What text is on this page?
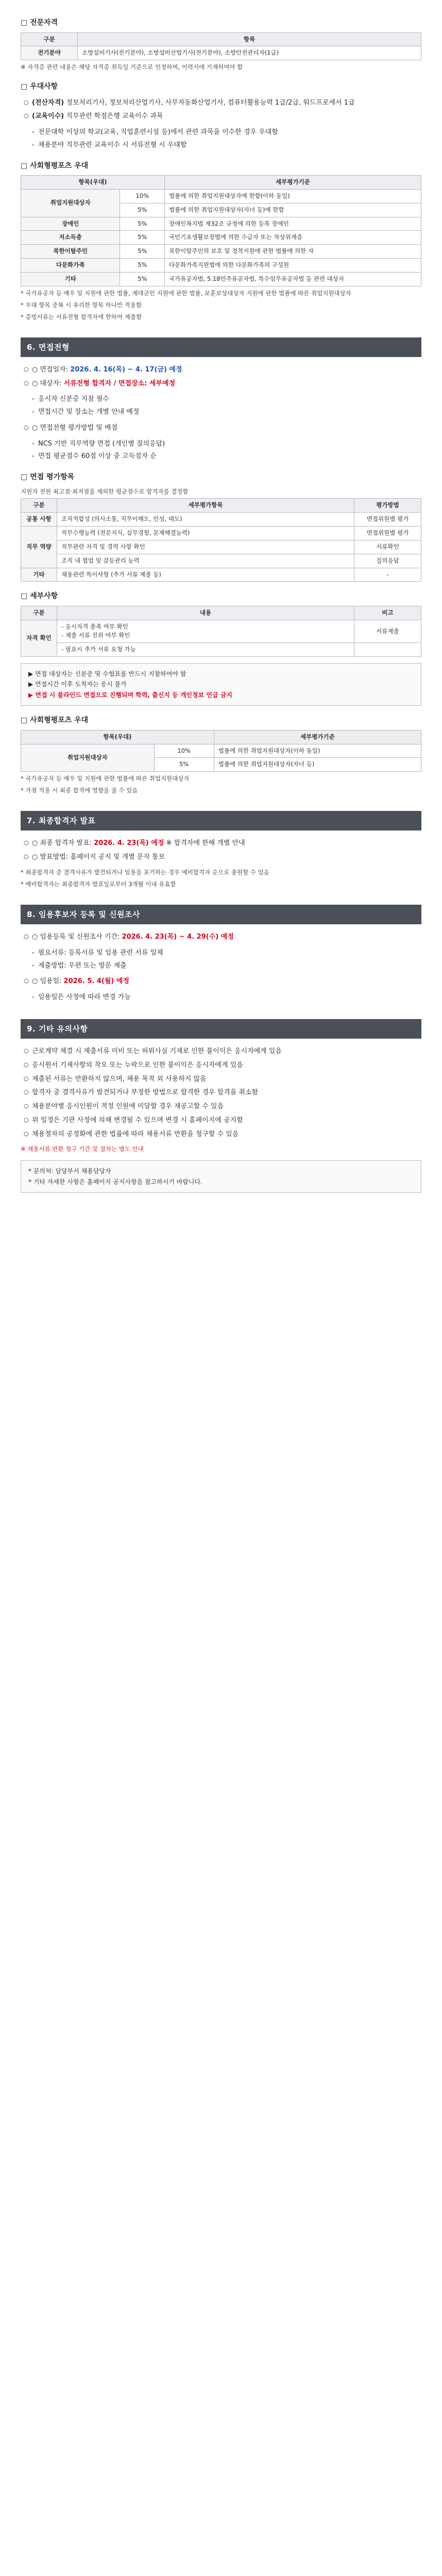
□ 전문자격
구분	항목
전기분야	소방설비기사(전기분야), 소방설비산업기사(전기분야), 소방안전관리자(1급)

※ 자격증 관련 내용은 해당 자격증 취득일 기준으로 인정하며, 이력서에 기재하여야 함

□ 우대사항
○ (전산자격) 정보처리기사, 정보처리산업기사, 사무자동화산업기사, 컴퓨터활용능력 1급/2급, 워드프로세서 1급
○ (교육이수) 직무관련 학점은행 교육이수 과목
- 전문대학 이상의 학교(교육, 직업훈련시설 등)에서 관련 과목을 이수한 경우 우대함
- 채용분야 직무관련 교육이수 시 서류전형 시 우대함
□ 사회형평포츠 우대
항목(우대)		세부평가기준
취업지원대상자	10%	법률에 의한 취업지원대상자에 한함(이하 동일)
	5%	법률에 의한 취업지원대상자(자녀 등)에 한함
장애인	5%	장애인복지법 제32조 규정에 의한 등록 장애인
저소득층	5%	국민기초생활보장법에 의한 수급자 또는 차상위계층
북한이탈주민	5%	북한이탈주민의 보호 및 정착지원에 관한 법률에 의한 자
다문화가족	5%	다문화가족지원법에 의한 다문화가족의 구성원
기타	5%	국가유공자법, 5.18민주유공자법, 특수임무유공자법 등 관련 대상자

* 국가유공자 등 예우 및 지원에 관한 법률, 제대군인 지원에 관한 법률, 보훈보상대상자 지원에 관한 법률에 따른 취업지원대상자

* 우대 항목 중복 시 유리한 항목 하나만 적용함

* 증빙서류는 서류전형 합격자에 한하여 제출함

6. 면접전형
○ ○ 면접일자: 2026. 4. 16(목) ~ 4. 17(금) 예정
○ ○ 대상자: 서류전형 합격자 / 면접장소: 세부예정
- 응시자 신분증 지참 필수
- 면접시간 및 장소는 개별 안내 예정
○ ○ 면접전형 평가방법 및 배점
- NCS 기반 직무역량 면접 (개인별 질의응답)
- 면접 평균점수 60점 이상 중 고득점자 순
□ 면접 평가항목

지원자 전원 최고점·최저점을 제외한 평균점수로 합격자를 결정함

구분	세부평가항목	평가방법
공통 사항	조직적합성 (의사소통, 직무이해도, 인성, 태도)	면접위원별 평가
직무 역량	직무수행능력 (전문지식, 실무경험, 문제해결능력)	면접위원별 평가
	직무관련 자격 및 경력 사항 확인	서류확인
	조직 내 협업 및 갈등관리 능력	질의응답
기타	채용관련 특이사항 (추가 서류 제출 등)	-
□ 세부사항
구분	내용	비고
자격 확인	- 응시자격 충족 여부 확인
- 제출 서류 진위 여부 확인	서류제출
	- 필요시 추가 서류 요청 가능	

▶ 면접 대상자는 신분증 및 수험표를 반드시 지참하여야 함

▶ 면접시간 이후 도착자는 응시 불가

▶ 면접 시 블라인드 면접으로 진행되며 학력, 출신지 등 개인정보 언급 금지

□ 사회형평포츠 우대
항목(우대)		세부평가기준
취업지원대상자	10%	법률에 의한 취업지원대상자(이하 동일)
	5%	법률에 의한 취업지원대상자(자녀 등)

* 국가유공자 등 예우 및 지원에 관한 법률에 따른 취업지원대상자

* 가점 적용 시 최종 합격에 영향을 줄 수 있음

7. 최종합격자 발표
○ ○ 최종 합격자 발표: 2026. 4. 23(목) 예정 ※ 합격자에 한해 개별 안내
○ ○ 발표방법: 홈페이지 공지 및 개별 문자 통보

* 최종합격자 중 결격사유가 발견되거나 임용을 포기하는 경우 예비합격자 순으로 충원할 수 있음

* 예비합격자는 최종합격자 발표일로부터 3개월 이내 유효함

8. 임용후보자 등록 및 신원조사
○ ○ 임용등록 및 신원조사 기간: 2026. 4. 23(목) ~ 4. 29(수) 예정
- 필요서류: 등록서류 및 임용 관련 서류 일체
- 제출방법: 우편 또는 방문 제출
○ ○ 임용일: 2026. 5. 4(월) 예정
- 임용일은 사정에 따라 변경 가능
9. 기타 유의사항
○ 근로계약 체결 시 제출서류 미비 또는 허위사실 기재로 인한 불이익은 응시자에게 있음
○ 응시원서 기재사항의 착오 또는 누락으로 인한 불이익은 응시자에게 있음
○ 제출된 서류는 반환하지 않으며, 채용 목적 외 사용하지 않음
○ 합격자 중 결격사유가 발견되거나 부정한 방법으로 합격한 경우 합격을 취소함
○ 채용분야별 응시인원이 적정 인원에 미달할 경우 재공고할 수 있음
○ 위 일정은 기관 사정에 의해 변경될 수 있으며 변경 시 홈페이지에 공지함
○ 채용절차의 공정화에 관한 법률에 따라 채용서류 반환을 청구할 수 있음

※ 채용서류 반환 청구 기간 및 절차는 별도 안내

* 문의처: 담당부서 채용담당자

* 기타 자세한 사항은 홈페이지 공지사항을 참고하시기 바랍니다.
